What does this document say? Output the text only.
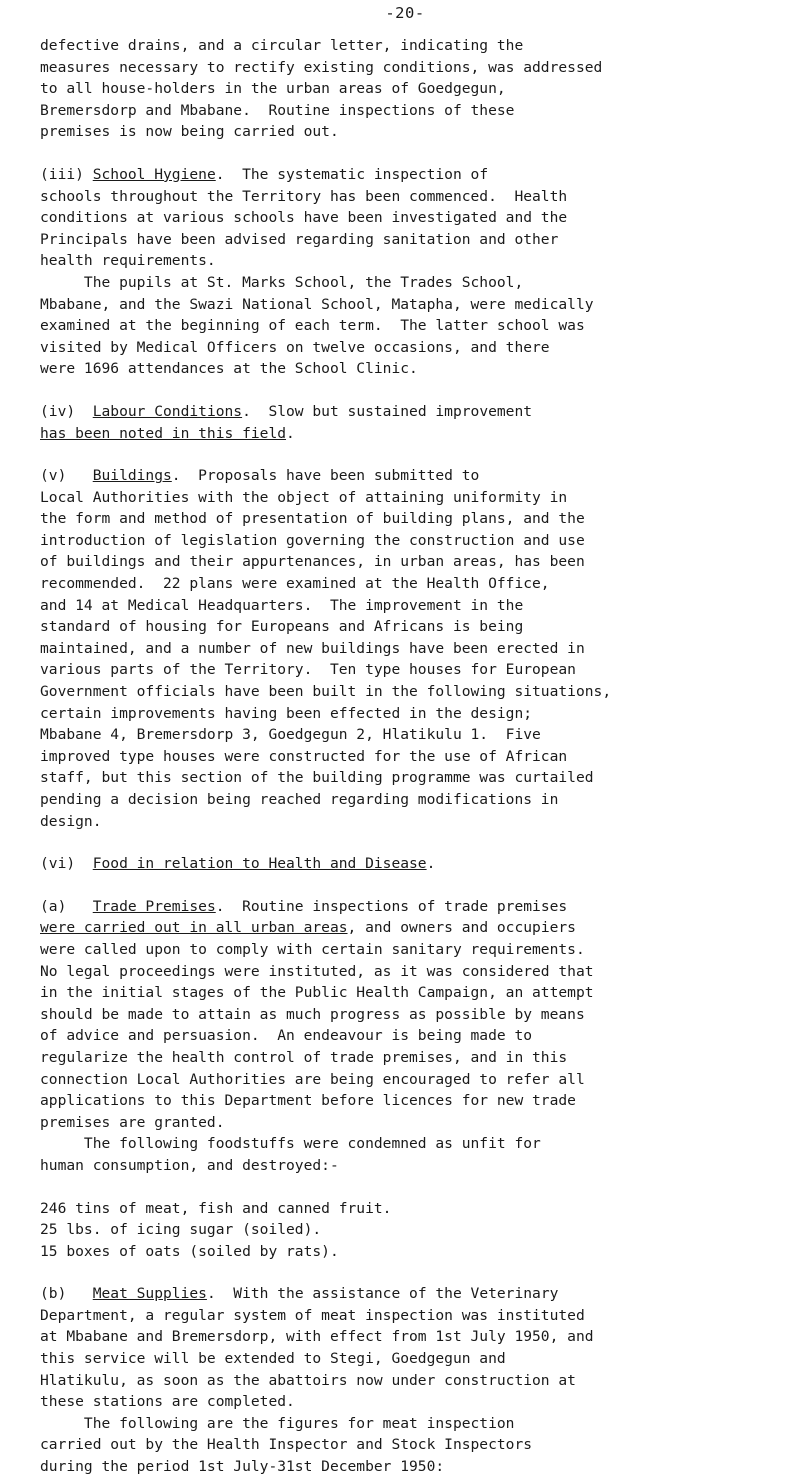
-20-

defective drains, and a circular letter, indicating the
measures necessary to rectify existing conditions, was addressed
to all house-holders in the urban areas of Goedgegun,
Bremersdorp and Mbabane.  Routine inspections of these
premises is now being carried out.
(iii) School Hygiene.  The systematic inspection of
schools throughout the Territory has been commenced.  Health
conditions at various schools have been investigated and the
Principals have been advised regarding sanitation and other
health requirements.
The pupils at St. Marks School, the Trades School,
Mbabane, and the Swazi National School, Matapha, were medically
examined at the beginning of each term.  The latter school was
visited by Medical Officers on twelve occasions, and there
were 1696 attendances at the School Clinic.
(iv)  Labour Conditions.  Slow but sustained improvement
has been noted in this field.
(v)   Buildings.  Proposals have been submitted to
Local Authorities with the object of attaining uniformity in
the form and method of presentation of building plans, and the
introduction of legislation governing the construction and use
of buildings and their appurtenances, in urban areas, has been
recommended.  22 plans were examined at the Health Office,
and 14 at Medical Headquarters.  The improvement in the
standard of housing for Europeans and Africans is being
maintained, and a number of new buildings have been erected in
various parts of the Territory.  Ten type houses for European
Government officials have been built in the following situations,
certain improvements having been effected in the design;
Mbabane 4, Bremersdorp 3, Goedgegun 2, Hlatikulu 1.  Five
improved type houses were constructed for the use of African
staff, but this section of the building programme was curtailed
pending a decision being reached regarding modifications in
design.
(vi)  Food in relation to Health and Disease.
(a)   Trade Premises.  Routine inspections of trade premises
were carried out in all urban areas, and owners and occupiers
were called upon to comply with certain sanitary requirements.
No legal proceedings were instituted, as it was considered that
in the initial stages of the Public Health Campaign, an attempt
should be made to attain as much progress as possible by means
of advice and persuasion.  An endeavour is being made to
regularize the health control of trade premises, and in this
connection Local Authorities are being encouraged to refer all
applications to this Department before licences for new trade
premises are granted.
The following foodstuffs were condemned as unfit for
human consumption, and destroyed:-
246 tins of meat, fish and canned fruit.
25 lbs. of icing sugar (soiled).
15 boxes of oats (soiled by rats).
(b)   Meat Supplies.  With the assistance of the Veterinary
Department, a regular system of meat inspection was instituted
at Mbabane and Bremersdorp, with effect from 1st July 1950, and
this service will be extended to Stegi, Goedgegun and
Hlatikulu, as soon as the abattoirs now under construction at
these stations are completed.
The following are the figures for meat inspection
carried out by the Health Inspector and Stock Inspectors
during the period 1st July-31st December 1950:
